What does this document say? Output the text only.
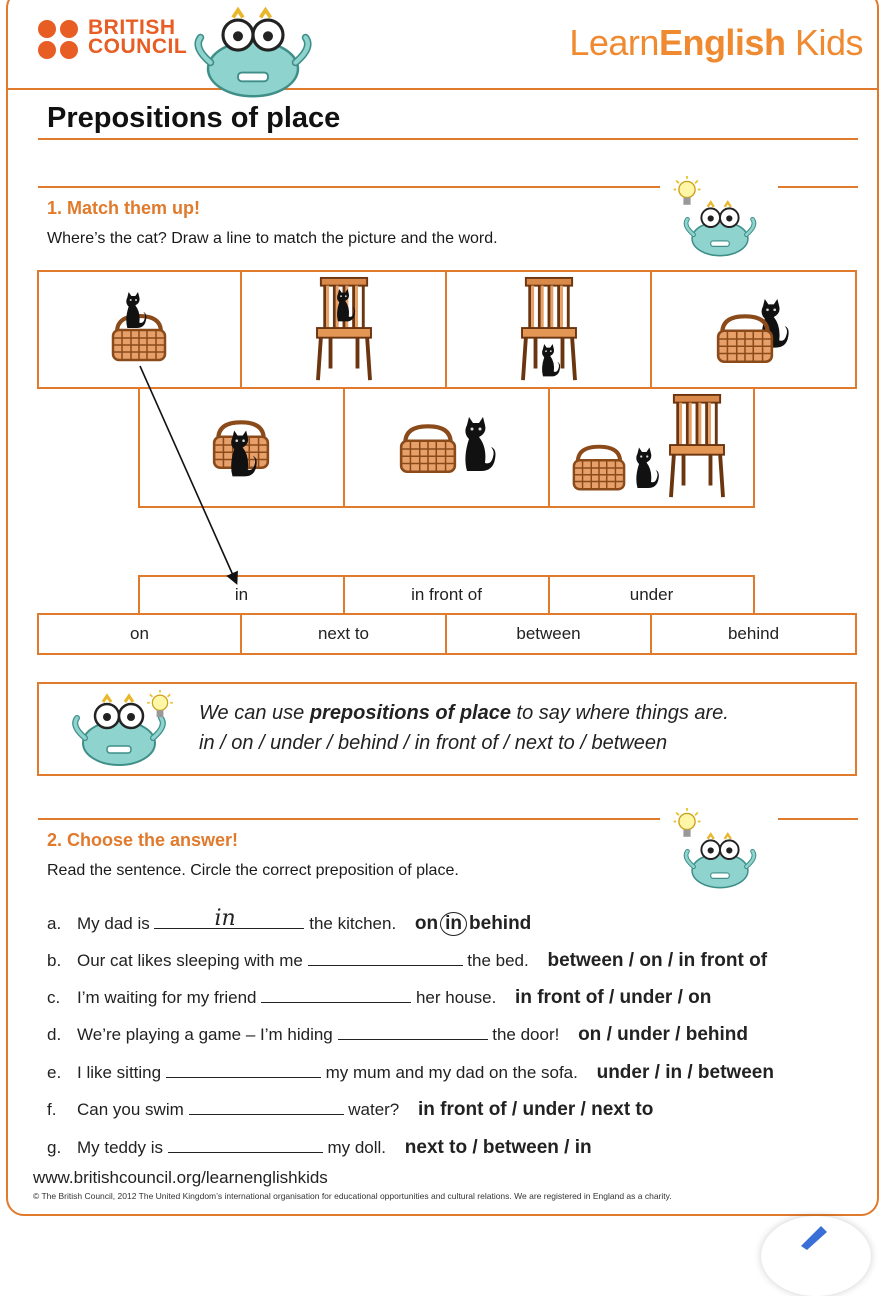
BRITISH
COUNCIL	LearnEnglish Kids
Prepositions of place
1. Match them up!
Where’s the cat? Draw a line to match the picture and the word.
in	in front of	under
on	next to	between	behind
We can use prepositions of place to say where things are.
in / on / under / behind / in front of / next to / between
2. Choose the answer!
Read the sentence. Circle the correct preposition of place.
a. My dad is	in	the kitchen. on in behind
b. Our cat likes sleeping with me	the bed. between / on / in front of
c. I’m waiting for my friend	her house. in front of / under / on
d. We’re playing a game – I’m hiding	the door! on / under / behind
e. I like sitting	my mum and my dad on the sofa. under / in / between
f. Can you swim	water? in front of / under / next to
g. My teddy is	my doll. next to / between / in
www.britishcouncil.org/learnenglishkids
© The British Council, 2012 The United Kingdom’s international organisation for educational opportunities and cultural relations. We are registered in England as a charity.
